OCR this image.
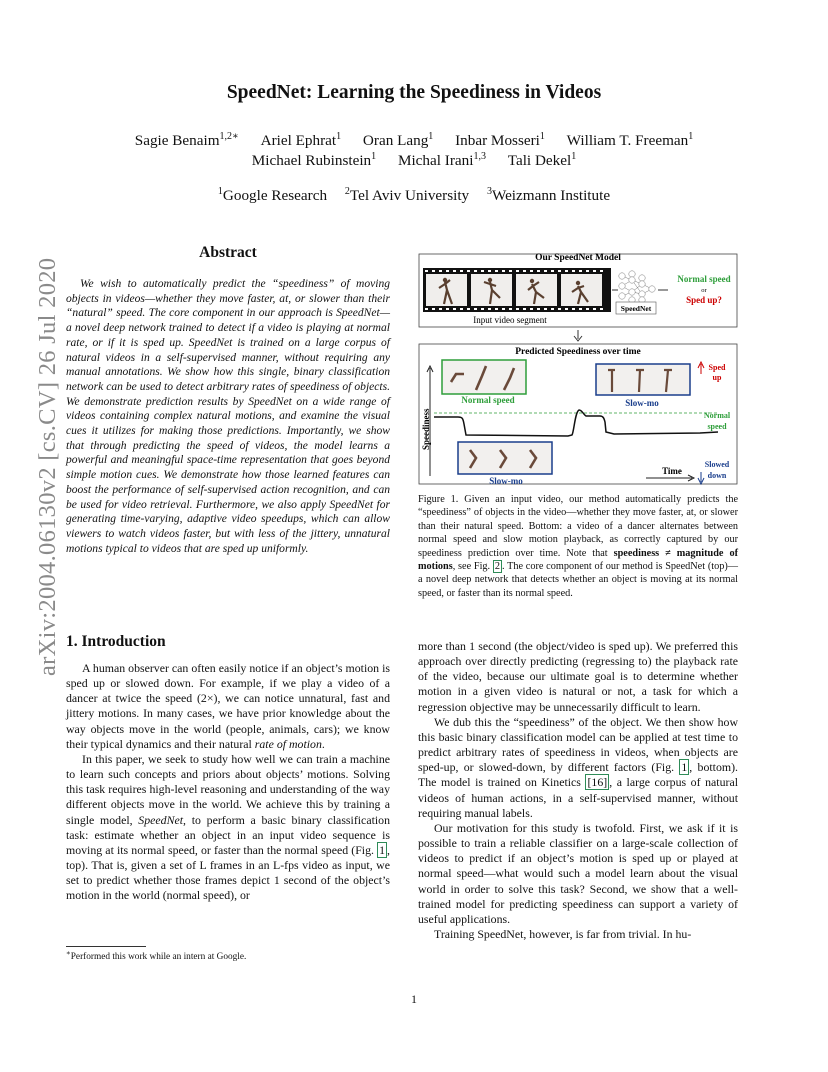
arXiv:2004.06130v2 [cs.CV] 26 Jul 2020
SpeedNet: Learning the Speediness in Videos
Sagie Benaim$^{1,2∗}$ Ariel Ephrat$^1$ Oran Lang$^1$ Inbar Mosseri$^1$ William T. Freeman$^1$
Michael Rubinstein$^1$ Michal Irani$^{1,3}$ Tali Dekel$^1$
$^1$Google Research $^2$Tel Aviv University $^3$Weizmann Institute
Abstract
We wish to automatically predict the “speediness” of moving objects in videos—whether they move faster, at, or slower than their “natural” speed. The core component in our approach is SpeedNet—a novel deep network trained to detect if a video is playing at normal rate, or if it is sped up. SpeedNet is trained on a large corpus of natural videos in a self-supervised manner, without requiring any manual annotations. We show how this single, binary classification network can be used to detect arbitrary rates of speediness of objects. We demonstrate prediction results by SpeedNet on a wide range of videos containing complex natural motions, and examine the visual cues it utilizes for making those predictions. Importantly, we show that through predicting the speed of videos, the model learns a powerful and meaningful space-time representation that goes beyond simple motion cues. We demonstrate how those learned features can boost the performance of self-supervised action recognition, and can be used for video retrieval. Furthermore, we also apply SpeedNet for generating time-varying, adaptive video speedups, which can allow viewers to watch videos faster, but with less of the jittery, unnatural motions typical to videos that are sped up uniformly.
1. Introduction

A human observer can often easily notice if an object’s motion is sped up or slowed down. For example, if we play a video of a dancer at twice the speed (2×), we can notice unnatural, fast and jittery motions. In many cases, we have prior knowledge about the way objects move in the world (people, animals, cars); we know their typical dynamics and their natural rate of motion.

In this paper, we seek to study how well we can train a machine to learn such concepts and priors about objects’ motions. Solving this task requires high-level reasoning and understanding of the way different objects move in the world. We achieve this by training a single model, SpeedNet, to perform a basic binary classification task: estimate whether an object in an input video sequence is moving at its normal speed, or faster than the normal speed (Fig. 1 , top). That is, given a set of L frames in an L-fps video as input, we set to predict whether those frames depict 1 second of the object’s motion in the world (normal speed), or

∗Performed this work while an intern at Google.
Our SpeedNet Model
Input video segment
SpeedNet
Normal speed
or
Sped up?
Predicted Speediness over time
Speediness
Normal speed	Slow-mo
Slow-mo
Time
Sped
up
Normal
speed
Slowed
down
Figure 1. Given an input video, our method automatically predicts the “speediness” of objects in the video—whether they move faster, at, or slower than their natural speed. Bottom: a video of a dancer alternates between normal speed and slow motion playback, as correctly captured by our speediness prediction over time. Note that speediness ≠ magnitude of motions, see Fig. 2 . The core component of our method is SpeedNet (top)—a novel deep network that detects whether an object is moving at its normal speed, or faster than its normal speed.

more than 1 second (the object/video is sped up). We preferred this approach over directly predicting (regressing to) the playback rate of the video, because our ultimate goal is to determine whether motion in a given video is natural or not, a task for which a regression objective may be unnecessarily difficult to learn.

We dub this the “speediness” of the object. We then show how this basic binary classification model can be applied at test time to predict arbitrary rates of speediness in videos, when objects are sped-up, or slowed-down, by different factors (Fig. 1 , bottom). The model is trained on Kinetics [16] , a large corpus of natural videos of human actions, in a self-supervised manner, without requiring manual labels.

Our motivation for this study is twofold. First, we ask if it is possible to train a reliable classifier on a large-scale collection of videos to predict if an object’s motion is sped up or played at normal speed—what would such a model learn about the visual world in order to solve this task? Second, we show that a well-trained model for predicting speediness can support a variety of useful applications.

Training SpeedNet, however, is far from trivial. In hu-

1
